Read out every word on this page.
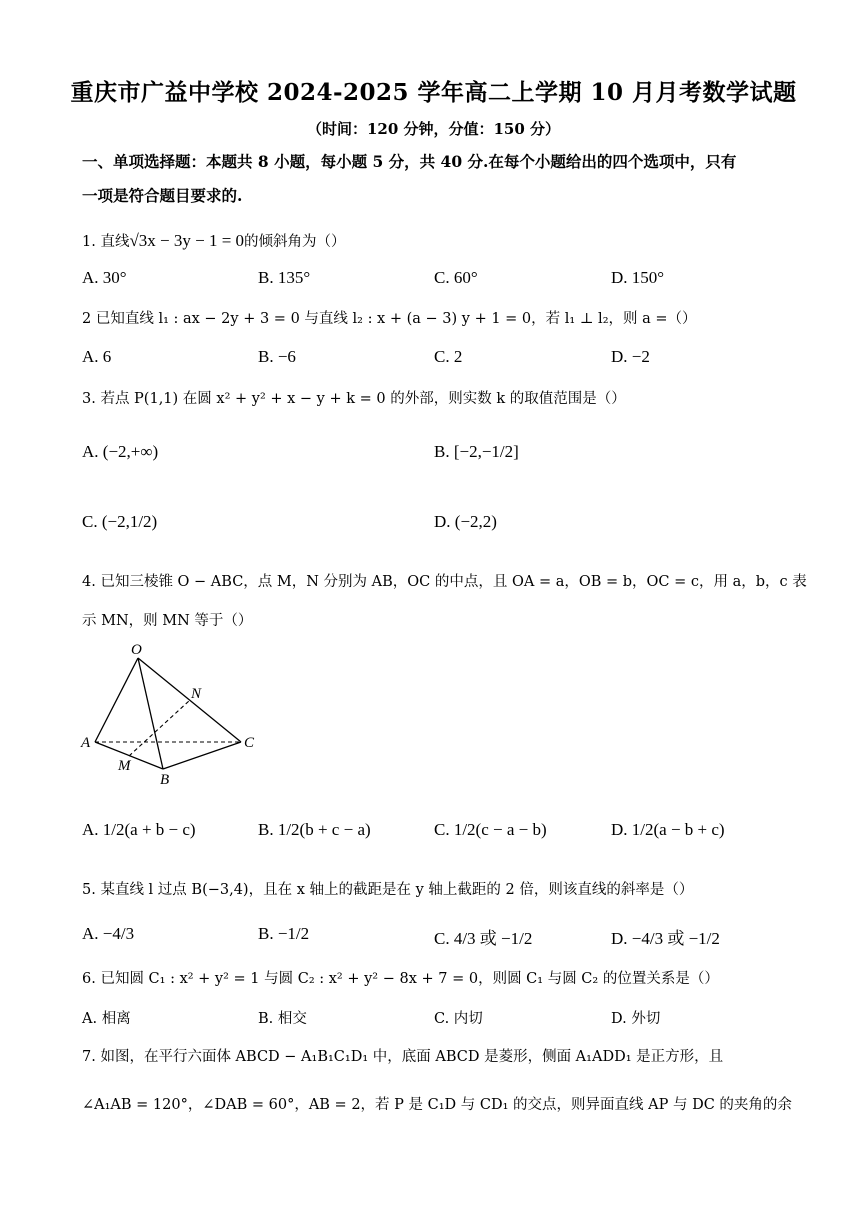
重庆市广益中学校 2024-2025 学年高二上学期 10 月月考数学试题
（时间：120 分钟，分值：150 分）
一、单项选择题：本题共 8 小题，每小题 5 分，共 40 分.在每个小题给出的四个选项中，只有
一项是符合题目要求的.
1. 直线√3x − 3y − 1 = 0的倾斜角为（）
A. 30°	B. 135°	C. 60°	D. 150°
2 已知直线 l₁ : ax − 2y + 3 = 0 与直线 l₂ : x + (a − 3) y + 1 = 0，若 l₁ ⊥ l₂，则 a =（）
A. 6	B. −6	C. 2	D. −2
3. 若点 P(1,1) 在圆 x² + y² + x − y + k = 0 的外部，则实数 k 的取值范围是（）
A. (−2,+∞)	B. [−2,−1/2]
C. (−2,1/2)	D. (−2,2)
4. 已知三棱锥 O − ABC，点 M，N 分别为 AB，OC 的中点，且 OA = a，OB = b，OC = c，用 a，b，c 表
示 MN，则 MN 等于（）
O
N
A	C
M
B
A. 1/2(a + b − c)	B. 1/2(b + c − a)	C. 1/2(c − a − b)	D. 1/2(a − b + c)
5. 某直线 l 过点 B(−3,4)，且在 x 轴上的截距是在 y 轴上截距的 2 倍，则该直线的斜率是（）
A. −4/3	B. −1/2	C. 4/3 或 −1/2	D. −4/3 或 −1/2
6. 已知圆 C₁ : x² + y² = 1 与圆 C₂ : x² + y² − 8x + 7 = 0，则圆 C₁ 与圆 C₂ 的位置关系是（）
A. 相离	B. 相交	C. 内切	D. 外切
7. 如图，在平行六面体 ABCD − A₁B₁C₁D₁ 中，底面 ABCD 是菱形，侧面 A₁ADD₁ 是正方形，且
∠A₁AB = 120°，∠DAB = 60°，AB = 2，若 P 是 C₁D 与 CD₁ 的交点，则异面直线 AP 与 DC 的夹角的余
